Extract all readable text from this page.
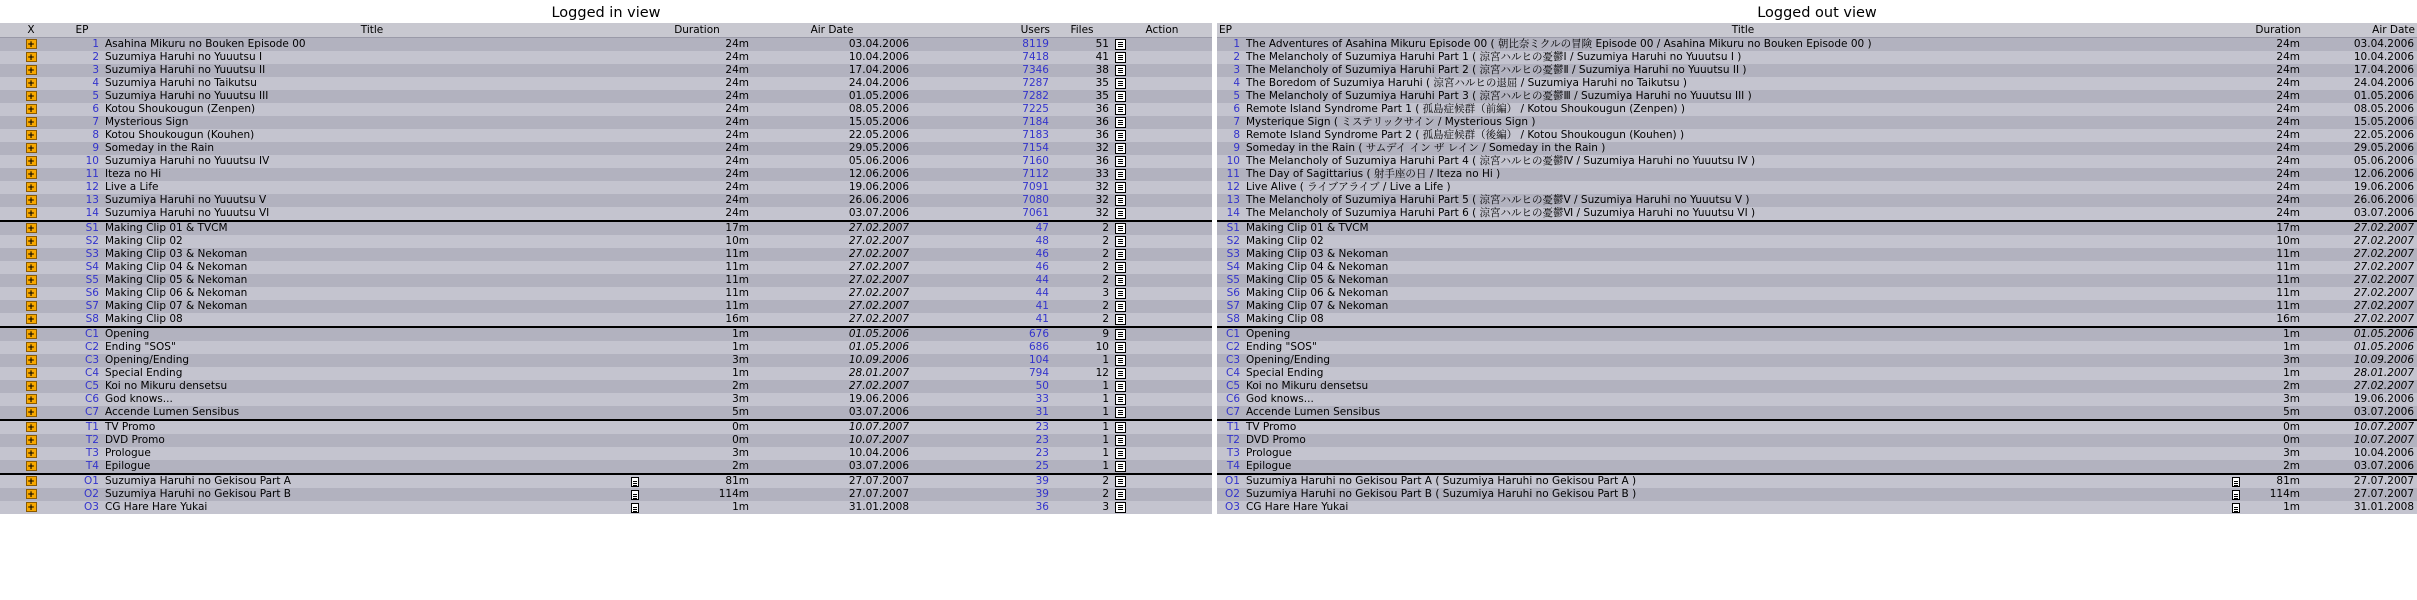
Logged in view
X	EP	Title	Duration	Air Date	Users	Files	Action
+	1	Asahina Mikuru no Bouken Episode 00	24m	03.04.2006	8119	51	
+	2	Suzumiya Haruhi no Yuuutsu I	24m	10.04.2006	7418	41	
+	3	Suzumiya Haruhi no Yuuutsu II	24m	17.04.2006	7346	38	
+	4	Suzumiya Haruhi no Taikutsu	24m	24.04.2006	7287	35	
+	5	Suzumiya Haruhi no Yuuutsu III	24m	01.05.2006	7282	35	
+	6	Kotou Shoukougun (Zenpen)	24m	08.05.2006	7225	36	
+	7	Mysterious Sign	24m	15.05.2006	7184	36	
+	8	Kotou Shoukougun (Kouhen)	24m	22.05.2006	7183	36	
+	9	Someday in the Rain	24m	29.05.2006	7154	32	
+	10	Suzumiya Haruhi no Yuuutsu IV	24m	05.06.2006	7160	36	
+	11	Iteza no Hi	24m	12.06.2006	7112	33	
+	12	Live a Life	24m	19.06.2006	7091	32	
+	13	Suzumiya Haruhi no Yuuutsu V	24m	26.06.2006	7080	32	
+	14	Suzumiya Haruhi no Yuuutsu VI	24m	03.07.2006	7061	32	
+	S1	Making Clip 01 & TVCM	17m	27.02.2007	47	2	
+	S2	Making Clip 02	10m	27.02.2007	48	2	
+	S3	Making Clip 03 & Nekoman	11m	27.02.2007	46	2	
+	S4	Making Clip 04 & Nekoman	11m	27.02.2007	46	2	
+	S5	Making Clip 05 & Nekoman	11m	27.02.2007	44	2	
+	S6	Making Clip 06 & Nekoman	11m	27.02.2007	44	3	
+	S7	Making Clip 07 & Nekoman	11m	27.02.2007	41	2	
+	S8	Making Clip 08	16m	27.02.2007	41	2	
+	C1	Opening	1m	01.05.2006	676	9	
+	C2	Ending "SOS"	1m	01.05.2006	686	10	
+	C3	Opening/Ending	3m	10.09.2006	104	1	
+	C4	Special Ending	1m	28.01.2007	794	12	
+	C5	Koi no Mikuru densetsu	2m	27.02.2007	50	1	
+	C6	God knows...	3m	19.06.2006	33	1	
+	C7	Accende Lumen Sensibus	5m	03.07.2006	31	1	
+	T1	TV Promo	0m	10.07.2007	23	1	
+	T2	DVD Promo	0m	10.07.2007	23	1	
+	T3	Prologue	3m	10.04.2006	23	1	
+	T4	Epilogue	2m	03.07.2006	25	1	
+	O1	Suzumiya Haruhi no Gekisou Part A	81m	27.07.2007	39	2	
+	O2	Suzumiya Haruhi no Gekisou Part B	114m	27.07.2007	39	2	
+	O3	CG Hare Hare Yukai	1m	31.01.2008	36	3	
Logged out view
EP	Title	Duration	Air Date
1	The Adventures of Asahina Mikuru Episode 00 ( 朝比奈ミクルの冒険 Episode 00 / Asahina Mikuru no Bouken Episode 00 )	24m	03.04.2006
2	The Melancholy of Suzumiya Haruhi Part 1 ( 涼宮ハルヒの憂鬱Ⅰ / Suzumiya Haruhi no Yuuutsu I )	24m	10.04.2006
3	The Melancholy of Suzumiya Haruhi Part 2 ( 涼宮ハルヒの憂鬱Ⅱ / Suzumiya Haruhi no Yuuutsu II )	24m	17.04.2006
4	The Boredom of Suzumiya Haruhi ( 涼宮ハルヒの退屈 / Suzumiya Haruhi no Taikutsu )	24m	24.04.2006
5	The Melancholy of Suzumiya Haruhi Part 3 ( 涼宮ハルヒの憂鬱Ⅲ / Suzumiya Haruhi no Yuuutsu III )	24m	01.05.2006
6	Remote Island Syndrome Part 1 ( 孤島症候群（前編） / Kotou Shoukougun (Zenpen) )	24m	08.05.2006
7	Mysterique Sign ( ミステリックサイン / Mysterious Sign )	24m	15.05.2006
8	Remote Island Syndrome Part 2 ( 孤島症候群（後編） / Kotou Shoukougun (Kouhen) )	24m	22.05.2006
9	Someday in the Rain ( サムデイ イン ザ レイン / Someday in the Rain )	24m	29.05.2006
10	The Melancholy of Suzumiya Haruhi Part 4 ( 涼宮ハルヒの憂鬱Ⅳ / Suzumiya Haruhi no Yuuutsu IV )	24m	05.06.2006
11	The Day of Sagittarius ( 射手座の日 / Iteza no Hi )	24m	12.06.2006
12	Live Alive ( ライブアライブ / Live a Life )	24m	19.06.2006
13	The Melancholy of Suzumiya Haruhi Part 5 ( 涼宮ハルヒの憂鬱Ⅴ / Suzumiya Haruhi no Yuuutsu V )	24m	26.06.2006
14	The Melancholy of Suzumiya Haruhi Part 6 ( 涼宮ハルヒの憂鬱Ⅵ / Suzumiya Haruhi no Yuuutsu VI )	24m	03.07.2006
S1	Making Clip 01 & TVCM	17m	27.02.2007
S2	Making Clip 02	10m	27.02.2007
S3	Making Clip 03 & Nekoman	11m	27.02.2007
S4	Making Clip 04 & Nekoman	11m	27.02.2007
S5	Making Clip 05 & Nekoman	11m	27.02.2007
S6	Making Clip 06 & Nekoman	11m	27.02.2007
S7	Making Clip 07 & Nekoman	11m	27.02.2007
S8	Making Clip 08	16m	27.02.2007
C1	Opening	1m	01.05.2006
C2	Ending "SOS"	1m	01.05.2006
C3	Opening/Ending	3m	10.09.2006
C4	Special Ending	1m	28.01.2007
C5	Koi no Mikuru densetsu	2m	27.02.2007
C6	God knows...	3m	19.06.2006
C7	Accende Lumen Sensibus	5m	03.07.2006
T1	TV Promo	0m	10.07.2007
T2	DVD Promo	0m	10.07.2007
T3	Prologue	3m	10.04.2006
T4	Epilogue	2m	03.07.2006
O1	Suzumiya Haruhi no Gekisou Part A ( Suzumiya Haruhi no Gekisou Part A )	81m	27.07.2007
O2	Suzumiya Haruhi no Gekisou Part B ( Suzumiya Haruhi no Gekisou Part B )	114m	27.07.2007
O3	CG Hare Hare Yukai	1m	31.01.2008
